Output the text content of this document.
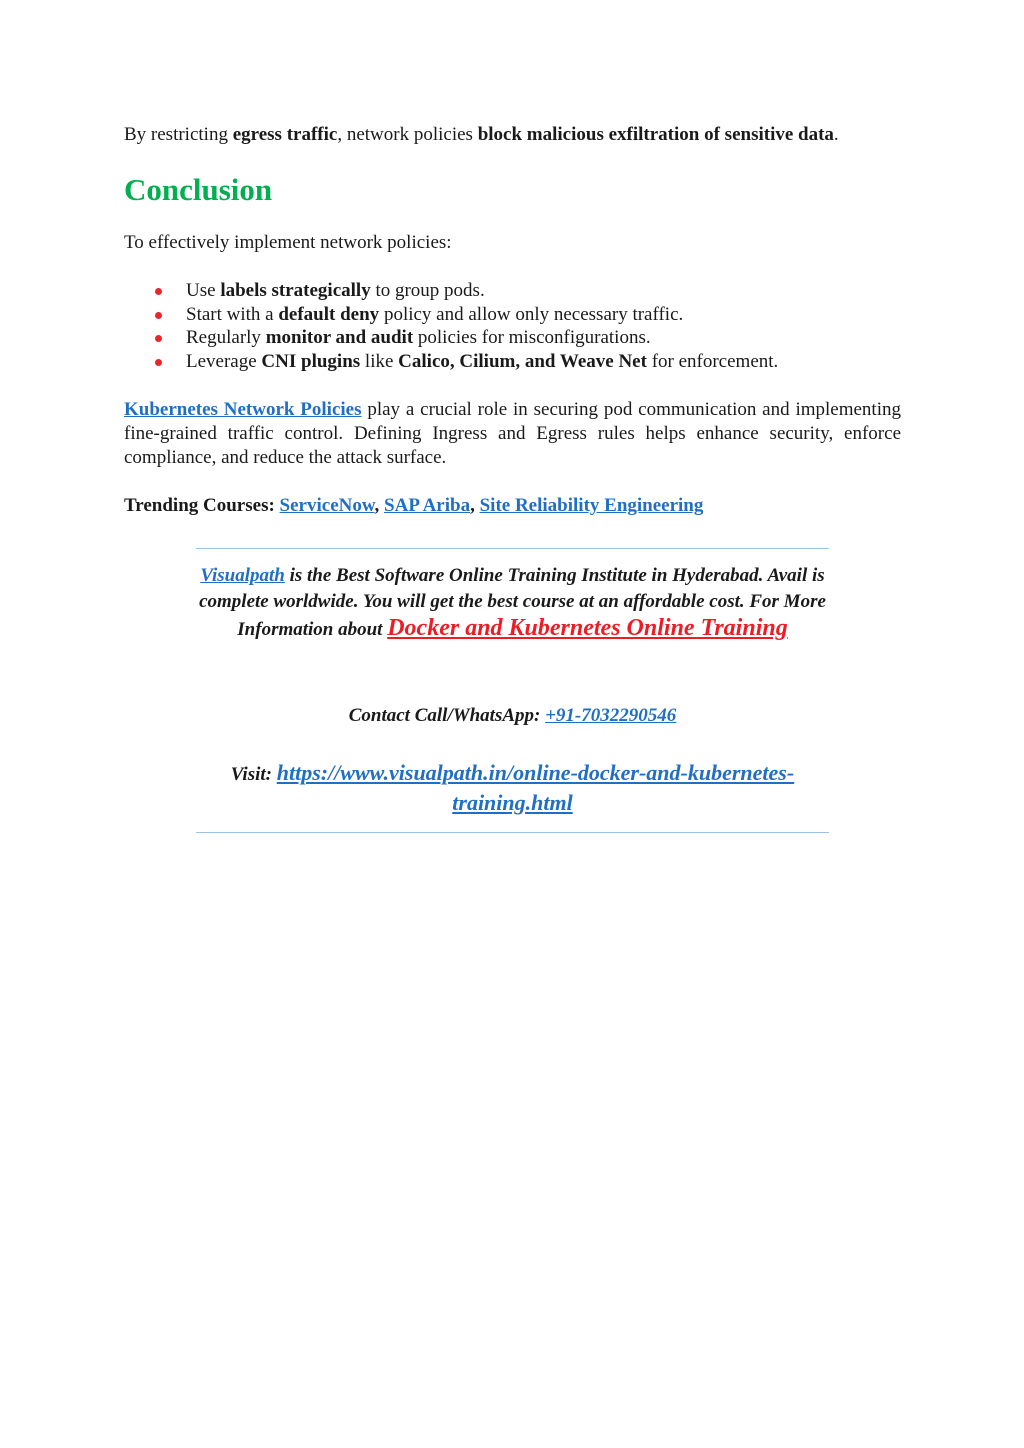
By restricting egress traffic, network policies block malicious exfiltration of sensitive data.
Conclusion
To effectively implement network policies:
Use labels strategically to group pods.
Start with a default deny policy and allow only necessary traffic.
Regularly monitor and audit policies for misconfigurations.
Leverage CNI plugins like Calico, Cilium, and Weave Net for enforcement.
Kubernetes Network Policies play a crucial role in securing pod communication and implementing fine-grained traffic control. Defining Ingress and Egress rules helps enhance security, enforce compliance, and reduce the attack surface.
Trending Courses: ServiceNow, SAP Ariba, Site Reliability Engineering
Visualpath is the Best Software Online Training Institute in Hyderabad. Avail is complete worldwide. You will get the best course at an affordable cost. For More Information about Docker and Kubernetes Online Training
Contact Call/WhatsApp: +91-7032290546
Visit: https://www.visualpath.in/online-docker-and-kubernetes-training.html
